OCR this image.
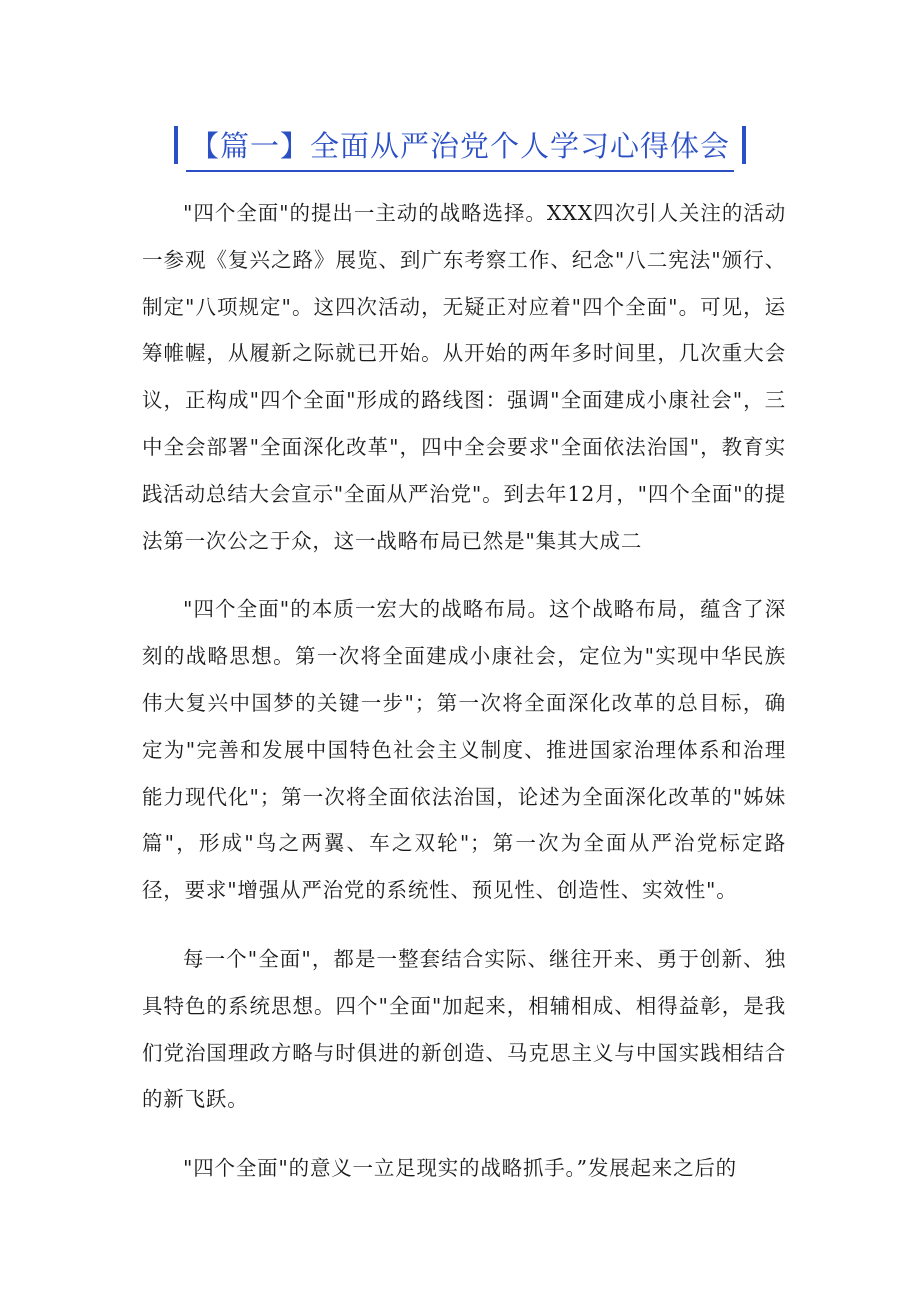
【篇一】全面从严治党个人学习心得体会

"四个全面"的提出一主动的战略选择。XXX四次引人关注的活动一参观《复兴之路》展览、到广东考察工作、纪念"八二宪法"颁行、制定"八项规定"。这四次活动，无疑正对应着"四个全面"。可见，运筹帷幄，从履新之际就已开始。从开始的两年多时间里，几次重大会议，正构成"四个全面"形成的路线图：强调"全面建成小康社会"，三中全会部署"全面深化改革"，四中全会要求"全面依法治国"，教育实践活动总结大会宣示"全面从严治党"。到去年12月，"四个全面"的提法第一次公之于众，这一战略布局已然是"集其大成二

"四个全面"的本质一宏大的战略布局。这个战略布局，蕴含了深刻的战略思想。第一次将全面建成小康社会，定位为"实现中华民族伟大复兴中国梦的关键一步"；第一次将全面深化改革的总目标，确定为"完善和发展中国特色社会主义制度、推进国家治理体系和治理能力现代化"；第一次将全面依法治国，论述为全面深化改革的"姊妹篇"，形成"鸟之两翼、车之双轮"；第一次为全面从严治党标定路径，要求"增强从严治党的系统性、预见性、创造性、实效性"。

每一个"全面"，都是一整套结合实际、继往开来、勇于创新、独具特色的系统思想。四个"全面"加起来，相辅相成、相得益彰，是我们党治国理政方略与时俱进的新创造、马克思主义与中国实践相结合的新飞跃。

"四个全面"的意义一立足现实的战略抓手。”发展起来之后的
